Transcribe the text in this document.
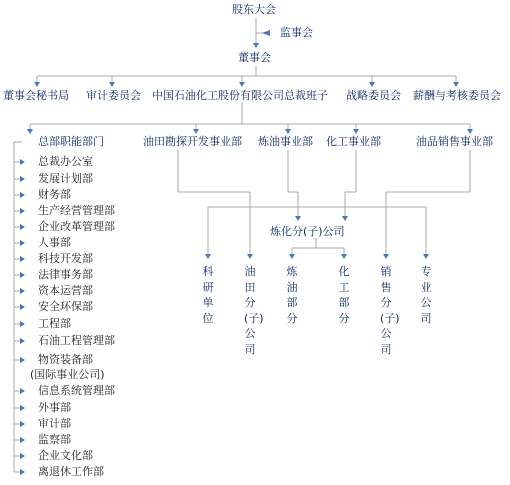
股东大会
监事会
董事会
董事会秘书局 审计委员会 中国石油化工股份有限公司总裁班子 战略委员会 薪酬与考核委员会
总部职能部门	油田勘探开发事业部 炼油事业部 化工事业部	油品销售事业部
总裁办公室
发展计划部
财务部
生产经营管理部
企业改革管理部
人事部
科技开发部
法律事务部
资本运营部
安全环保部
工程部
石油工程管理部
物资装备部
(国际事业公司)
信息系统管理部
外事部
审计部
监察部
企业文化部
离退休工作部
炼化分(子)公司
科研单位
油田分(子)公司
炼油部分
化工部分
销售分(子)公司
专业公司
